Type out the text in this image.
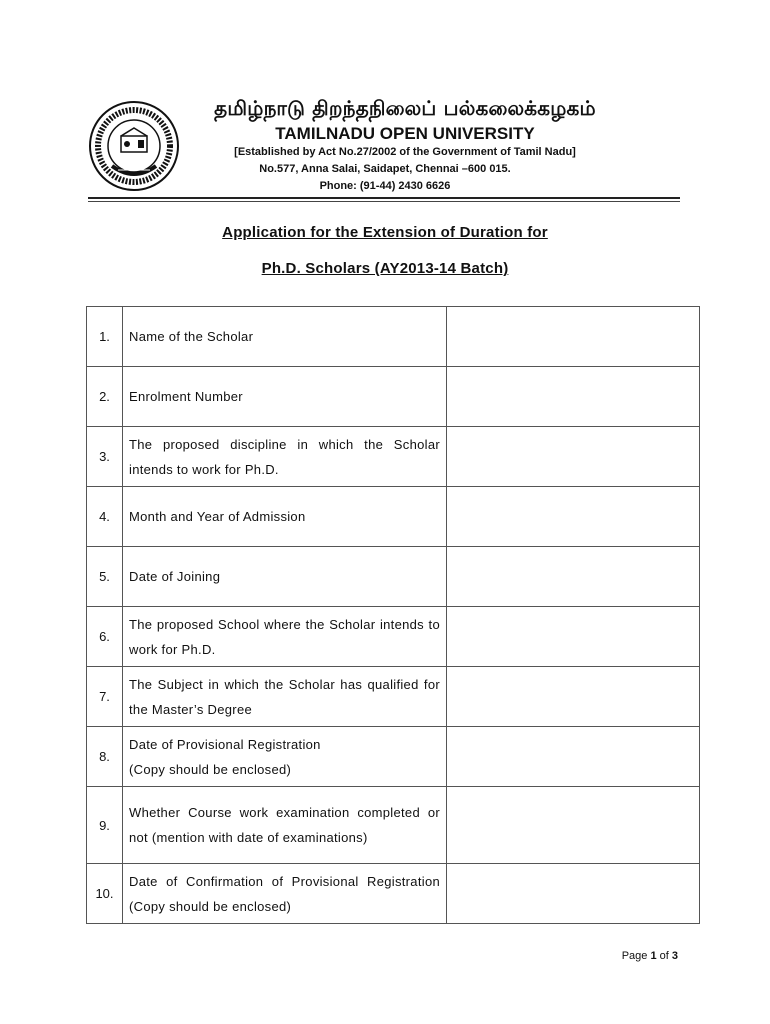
தமிழ்நாடு திறந்தநிலைப் பல்கலைக்கழகம்
TAMILNADU OPEN UNIVERSITY
[Established by Act No.27/2002 of the Government of Tamil Nadu]
No.577, Anna Salai, Saidapet, Chennai –600 015.
Phone: (91-44) 2430 6626
Application for the Extension of Duration for
Ph.D. Scholars (AY2013-14 Batch)
1.	Name of the Scholar	
2.	Enrolment Number	
3.	The proposed discipline in which the Scholar intends to work for Ph.D.	
4.	Month and Year of Admission	
5.	Date of Joining	
6.	The proposed School where the Scholar intends to work for Ph.D.	
7.	The Subject in which the Scholar has qualified for the Master’s Degree	
8.	Date of Provisional Registration
(Copy should be enclosed)	
9.	Whether Course work examination completed or not (mention with date of examinations)	
10.	Date of Confirmation of Provisional Registration (Copy should be enclosed)	
Page 1 of 3
